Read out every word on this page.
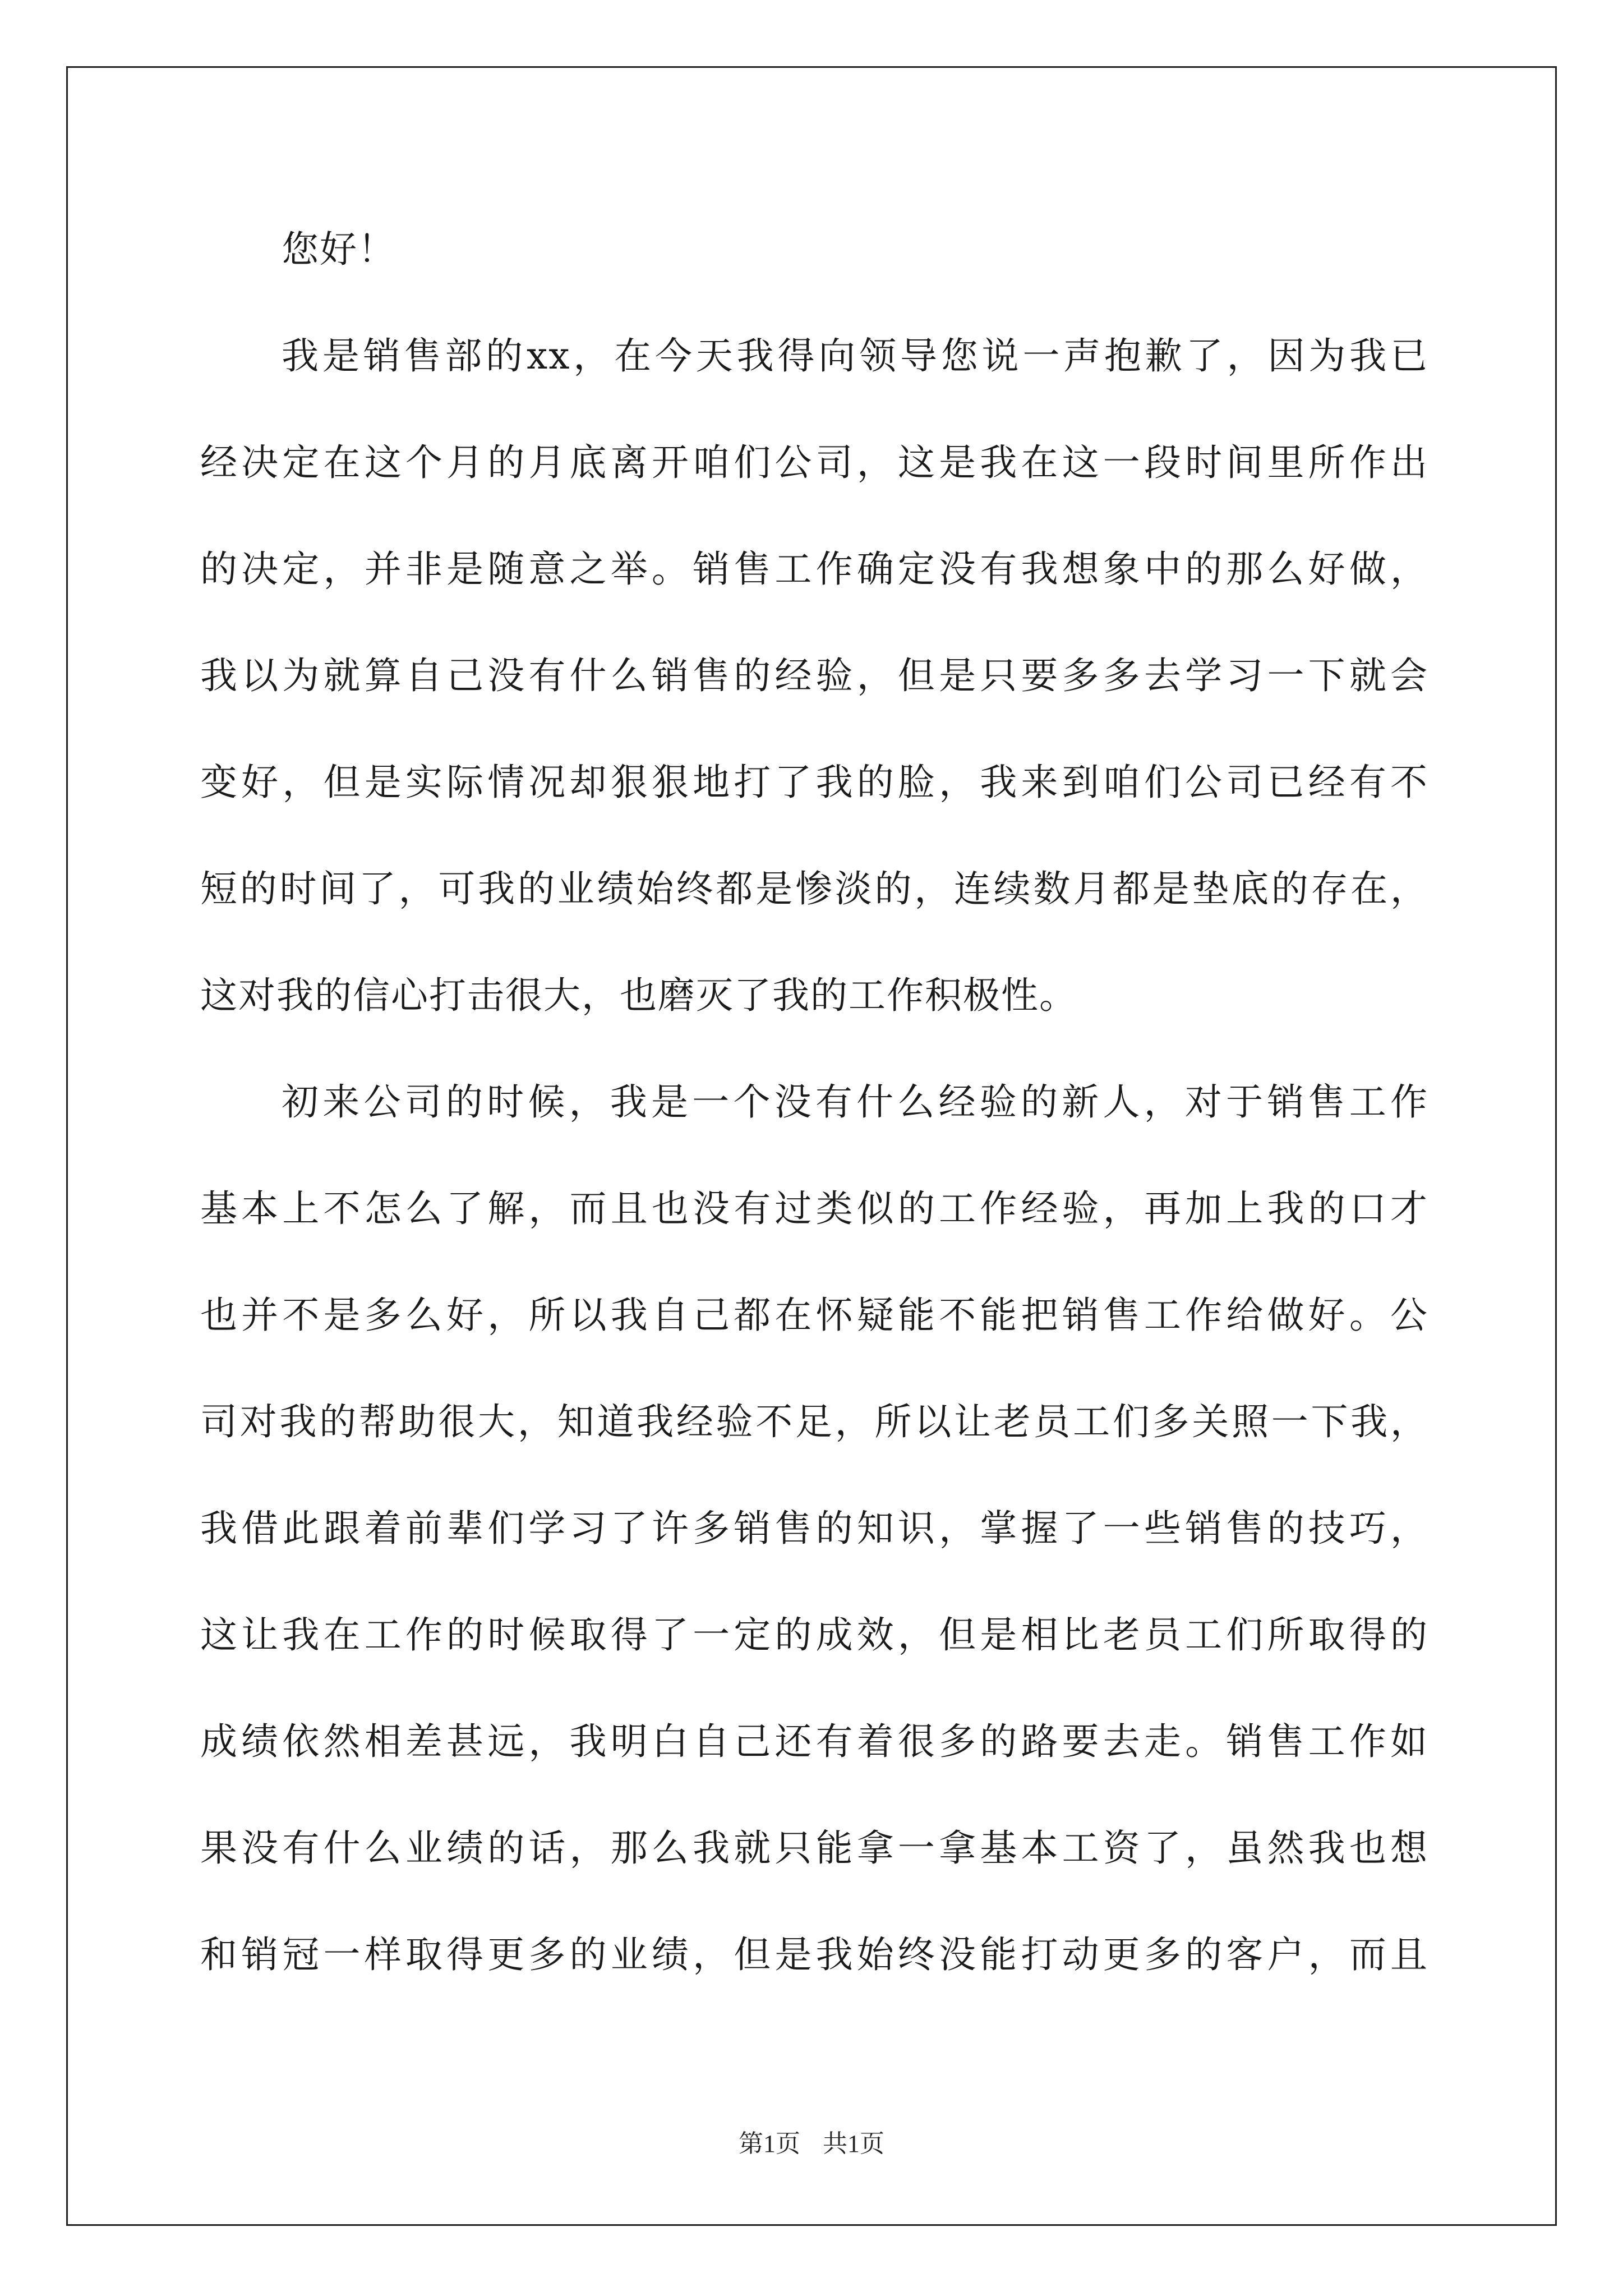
您好！
我是销售部的xx，在今天我得向领导您说一声抱歉了，因为我已
经决定在这个月的月底离开咱们公司，这是我在这一段时间里所作出
的决定，并非是随意之举。销售工作确定没有我想象中的那么好做，
我以为就算自己没有什么销售的经验，但是只要多多去学习一下就会
变好，但是实际情况却狠狠地打了我的脸，我来到咱们公司已经有不
短的时间了，可我的业绩始终都是惨淡的，连续数月都是垫底的存在，
这对我的信心打击很大，也磨灭了我的工作积极性。
初来公司的时候，我是一个没有什么经验的新人，对于销售工作
基本上不怎么了解，而且也没有过类似的工作经验，再加上我的口才
也并不是多么好，所以我自己都在怀疑能不能把销售工作给做好。公
司对我的帮助很大，知道我经验不足，所以让老员工们多关照一下我，
我借此跟着前辈们学习了许多销售的知识，掌握了一些销售的技巧，
这让我在工作的时候取得了一定的成效，但是相比老员工们所取得的
成绩依然相差甚远，我明白自己还有着很多的路要去走。销售工作如
果没有什么业绩的话，那么我就只能拿一拿基本工资了，虽然我也想
和销冠一样取得更多的业绩，但是我始终没能打动更多的客户，而且
第1页 共1页
